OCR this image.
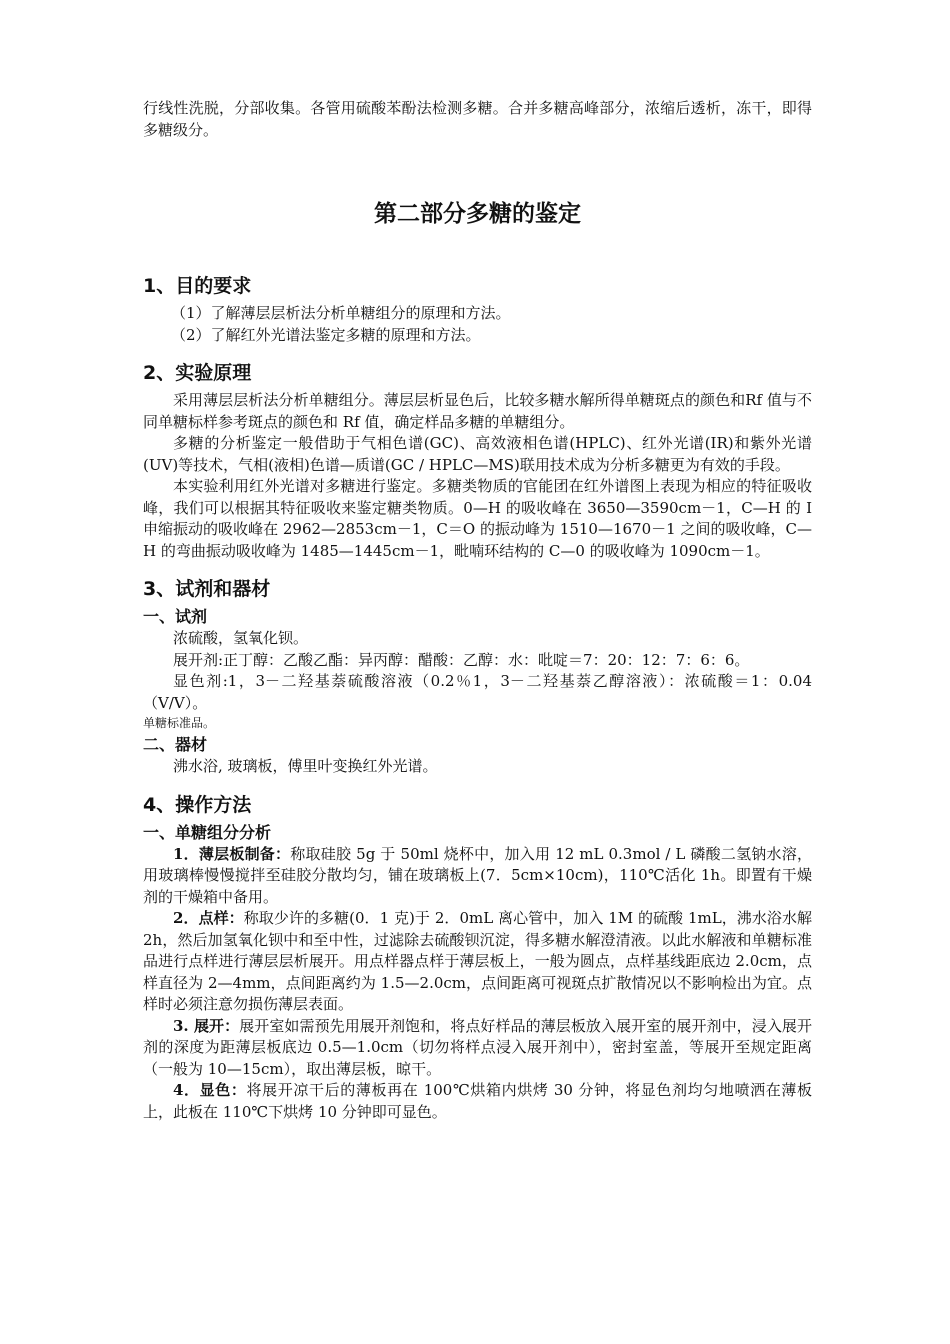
行线性洗脱，分部收集。各管用硫酸苯酚法检测多糖。合并多糖高峰部分，浓缩后透析，冻干，即得多糖级分。

第二部分多糖的鉴定
1、目的要求

（1）了解薄层层析法分析单糖组分的原理和方法。

（2）了解红外光谱法鉴定多糖的原理和方法。

2、实验原理

采用薄层层析法分析单糖组分。薄层层析显色后，比较多糖水解所得单糖斑点的颜色和Rf 值与不同单糖标样参考斑点的颜色和 Rf 值，确定样品多糖的单糖组分。

多糖的分析鉴定一般借助于气相色谱(GC)、高效液相色谱(HPLC)、红外光谱(IR)和紫外光谱(UV)等技术，气相(液相)色谱—质谱(GC / HPLC—MS)联用技术成为分析多糖更为有效的手段。

本实验利用红外光谱对多糖进行鉴定。多糖类物质的官能团在红外谱图上表现为相应的特征吸收峰，我们可以根据其特征吸收来鉴定糖类物质。0—H 的吸收峰在 3650—3590cm－1，C—H 的 I 申缩振动的吸收峰在 2962—2853cm－1，C＝O 的振动峰为 1510—1670－1 之间的吸收峰，C—H 的弯曲振动吸收峰为 1485—1445cm－1，毗喃环结构的 C—0 的吸收峰为 1090cm－1。

3、试剂和器材
一、试剂

浓硫酸，氢氧化钡。

展开剂:正丁醇：乙酸乙酯：异丙醇：醋酸：乙醇：水：吡啶＝7：20：12：7：6：6。

显色剂:1，3－二羟基萘硫酸溶液（0.2％1，3－二羟基萘乙醇溶液）：浓硫酸＝1：0.04（V/V）。

单糖标准品。

二、器材

沸水浴, 玻璃板，傅里叶变换红外光谱。

4、操作方法
一、单糖组分分析

1．薄层板制备：称取硅胶 5g 于 50ml 烧杯中，加入用 12 mL 0.3mol / L 磷酸二氢钠水溶，用玻璃棒慢慢搅拌至硅胶分散均匀，铺在玻璃板上(7．5cm×10cm)，110℃活化 1h。即置有干燥剂的干燥箱中备用。

2．点样：称取少许的多糖(0．1 克)于 2．0mL 离心管中，加入 1M 的硫酸 1mL，沸水浴水解 2h，然后加氢氧化钡中和至中性，过滤除去硫酸钡沉淀，得多糖水解澄清液。以此水解液和单糖标准品进行点样进行薄层层析展开。用点样器点样于薄层板上，一般为圆点，点样基线距底边 2.0cm，点样直径为 2—4mm，点间距离约为 1.5—2.0cm，点间距离可视斑点扩散情况以不影响检出为宜。点样时必须注意勿损伤薄层表面。

3. 展开：展开室如需预先用展开剂饱和，将点好样品的薄层板放入展开室的展开剂中，浸入展开剂的深度为距薄层板底边 0.5—1.0cm（切勿将样点浸入展开剂中），密封室盖，等展开至规定距离（一般为 10—15cm），取出薄层板，晾干。

4．显色：将展开凉干后的薄板再在 100℃烘箱内烘烤 30 分钟，将显色剂均匀地喷洒在薄板上，此板在 110℃下烘烤 10 分钟即可显色。
